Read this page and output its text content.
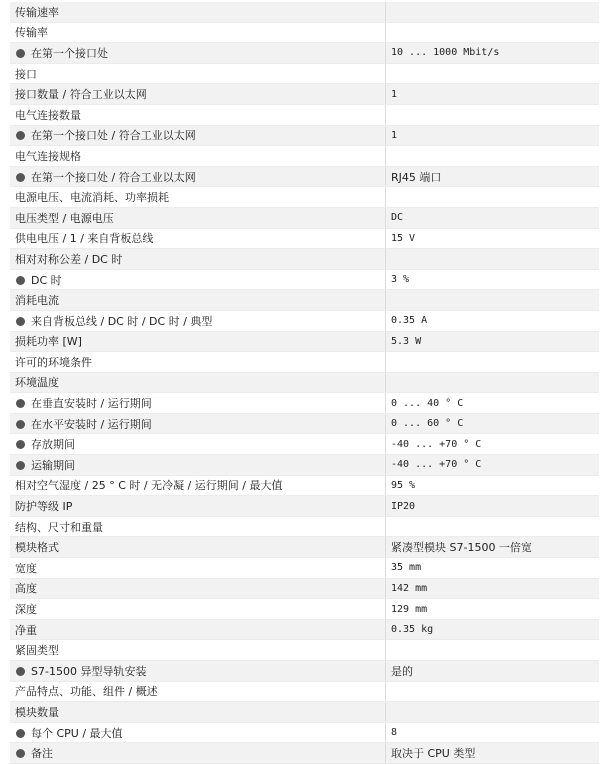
传输速率	
传输率	
在第一个接口处	10 ... 1000 Mbit/s
接口	
接口数量 / 符合工业以太网	1
电气连接数量	
在第一个接口处 / 符合工业以太网	1
电气连接规格	
在第一个接口处 / 符合工业以太网	RJ45 端口
电源电压、电流消耗、功率损耗	
电压类型 / 电源电压	DC
供电电压 / 1 / 来自背板总线	15 V
相对对称公差 / DC 时	
DC 时	3 %
消耗电流	
来自背板总线 / DC 时 / DC 时 / 典型	0.35 A
损耗功率 [W]	5.3 W
许可的环境条件	
环境温度	
在垂直安装时 / 运行期间	0 ... 40 ° C
在水平安装时 / 运行期间	0 ... 60 ° C
存放期间	-40 ... +70 ° C
运输期间	-40 ... +70 ° C
相对空气湿度 / 25 ° C 时 / 无冷凝 / 运行期间 / 最大值	95 %
防护等级 IP	IP20
结构、尺寸和重量	
模块格式	紧凑型模块 S7-1500 一倍宽
宽度	35 mm
高度	142 mm
深度	129 mm
净重	0.35 kg
紧固类型	
S7-1500 异型导轨安装	是的
产品特点、功能、组件 / 概述	
模块数量	
每个 CPU / 最大值	8
备注	取决于 CPU 类型
